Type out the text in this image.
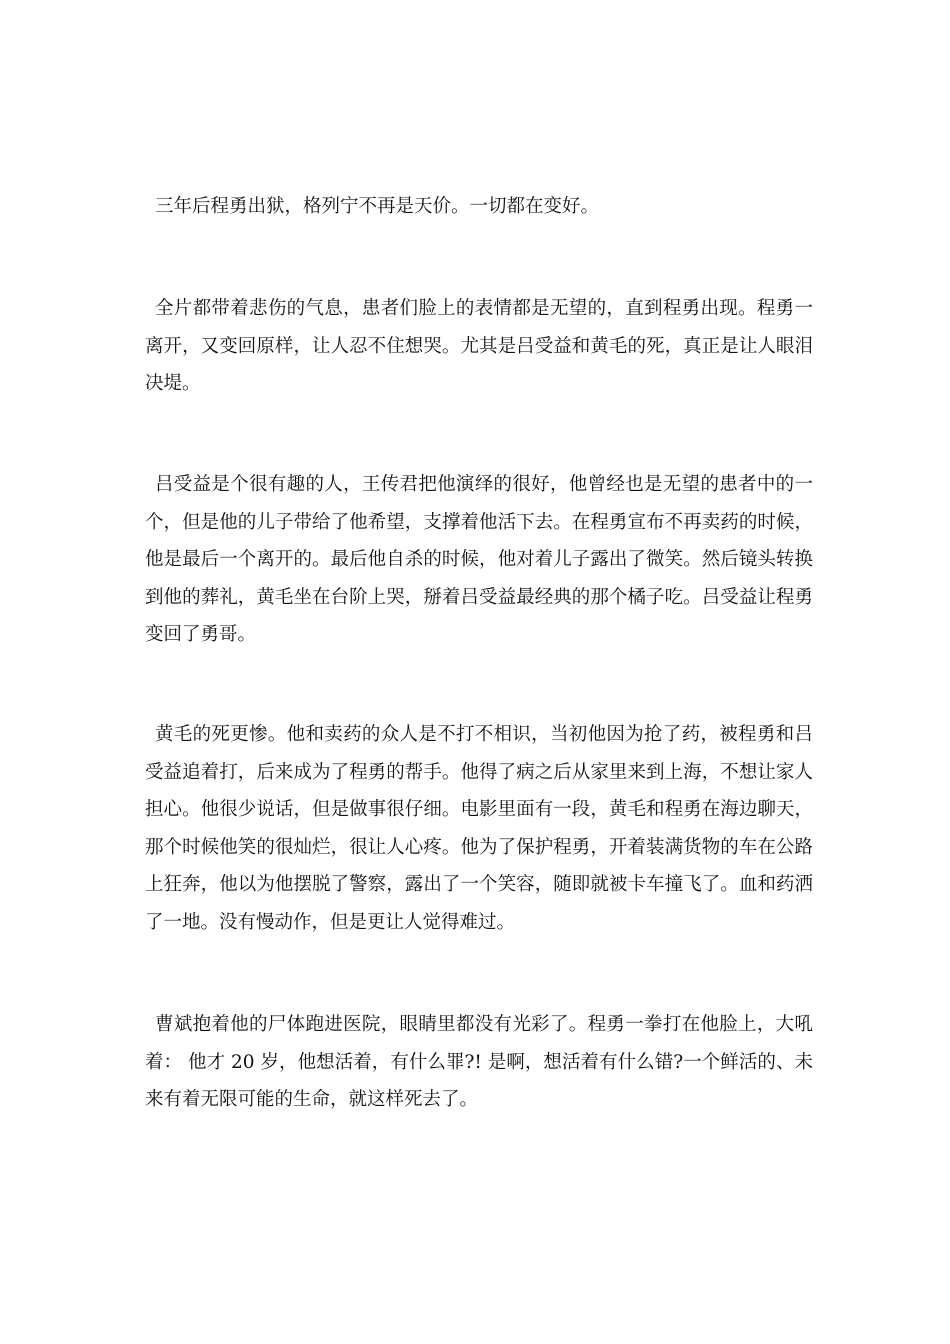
三年后程勇出狱，格列宁不再是天价。一切都在变好。

全片都带着悲伤的气息，患者们脸上的表情都是无望的，直到程勇出现。程勇一离开，又变回原样，让人忍不住想哭。尤其是吕受益和黄毛的死，真正是让人眼泪决堤。

吕受益是个很有趣的人，王传君把他演绎的很好，他曾经也是无望的患者中的一个，但是他的儿子带给了他希望，支撑着他活下去。在程勇宣布不再卖药的时候，他是最后一个离开的。最后他自杀的时候，他对着儿子露出了微笑。然后镜头转换到他的葬礼，黄毛坐在台阶上哭，掰着吕受益最经典的那个橘子吃。吕受益让程勇变回了勇哥。

黄毛的死更惨。他和卖药的众人是不打不相识，当初他因为抢了药，被程勇和吕受益追着打，后来成为了程勇的帮手。他得了病之后从家里来到上海，不想让家人担心。他很少说话，但是做事很仔细。电影里面有一段，黄毛和程勇在海边聊天，那个时候他笑的很灿烂，很让人心疼。他为了保护程勇，开着装满货物的车在公路上狂奔，他以为他摆脱了警察，露出了一个笑容，随即就被卡车撞飞了。血和药洒了一地。没有慢动作，但是更让人觉得难过。

曹斌抱着他的尸体跑进医院，眼睛里都没有光彩了。程勇一拳打在他脸上，大吼着： 他才 20 岁，他想活着，有什么罪?! 是啊，想活着有什么错?一个鲜活的、未来有着无限可能的生命，就这样死去了。
